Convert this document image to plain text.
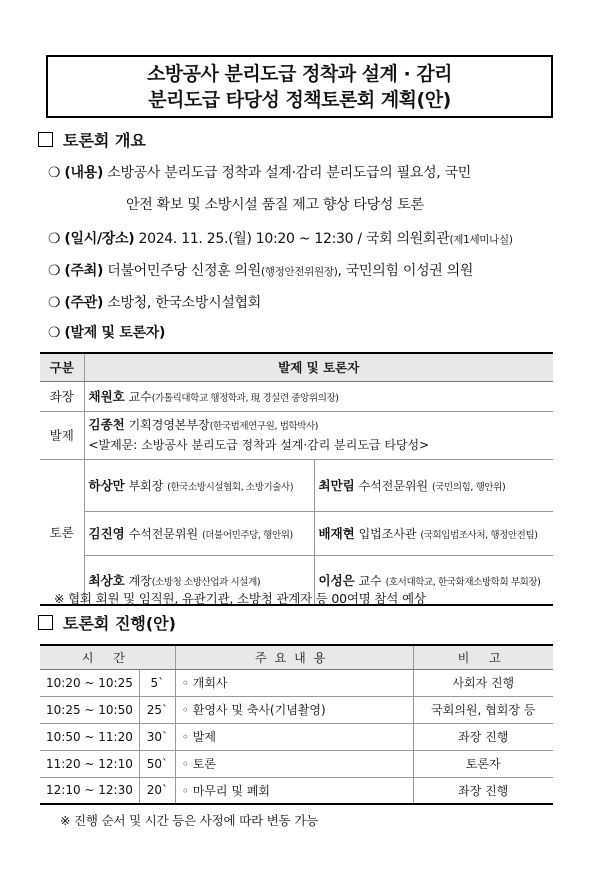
소방공사 분리도급 정착과 설계 · 감리
분리도급 타당성 정책토론회 계획(안)
토론회 개요
❍ (내용) 소방공사 분리도급 정착과 설계·감리 분리도급의 필요성, 국민
안전 확보 및 소방시설 품질 제고 향상 타당성 토론
❍ (일시/장소) 2024. 11. 25.(월) 10:20 ~ 12:30 / 국회 의원회관(제1세미나실)
❍ (주최) 더불어민주당 신정훈 의원(행정안전위원장), 국민의힘 이성권 의원
❍ (주관) 소방청, 한국소방시설협회
❍ (발제 및 토론자)
구분	발제 및 토론자	
좌장	채원호 교수(가톨릭대학교 행정학과, 現 경실련 중앙위의장)	
발제	김종천 기획경영본부장(한국법제연구원, 법학박사)
<발제문: 소방공사 분리도급 정착과 설계·감리 분리도급 타당성>	
토론	하상만 부회장 (한국소방시설협회, 소방기술사)	최만림 수석전문위원 (국민의힘, 행안위)
	김진영 수석전문위원 (더불어민주당, 행안위)	배재현 입법조사관 (국회입법조사처, 행정안전팀)
	최상호 계장(소방청 소방산업과 시설계)	이성은 교수 (호서대학교, 한국화재소방학회 부회장)
※ 협회 회원 및 임직원, 유관기관, 소방청 관계자 등 00여명 참석 예상
토론회 진행(안)
시 간		주요내용	비 고
10:20 ~ 10:25	5`	◦ 개회사	사회자 진행
10:25 ~ 10:50	25`	◦ 환영사 및 축사(기념촬영)	국회의원, 협회장 등
10:50 ~ 11:20	30`	◦ 발제	좌장 진행
11:20 ~ 12:10	50`	◦ 토론	토론자
12:10 ~ 12:30	20`	◦ 마무리 및 폐회	좌장 진행
※ 진행 순서 및 시간 등은 사정에 따라 변동 가능
